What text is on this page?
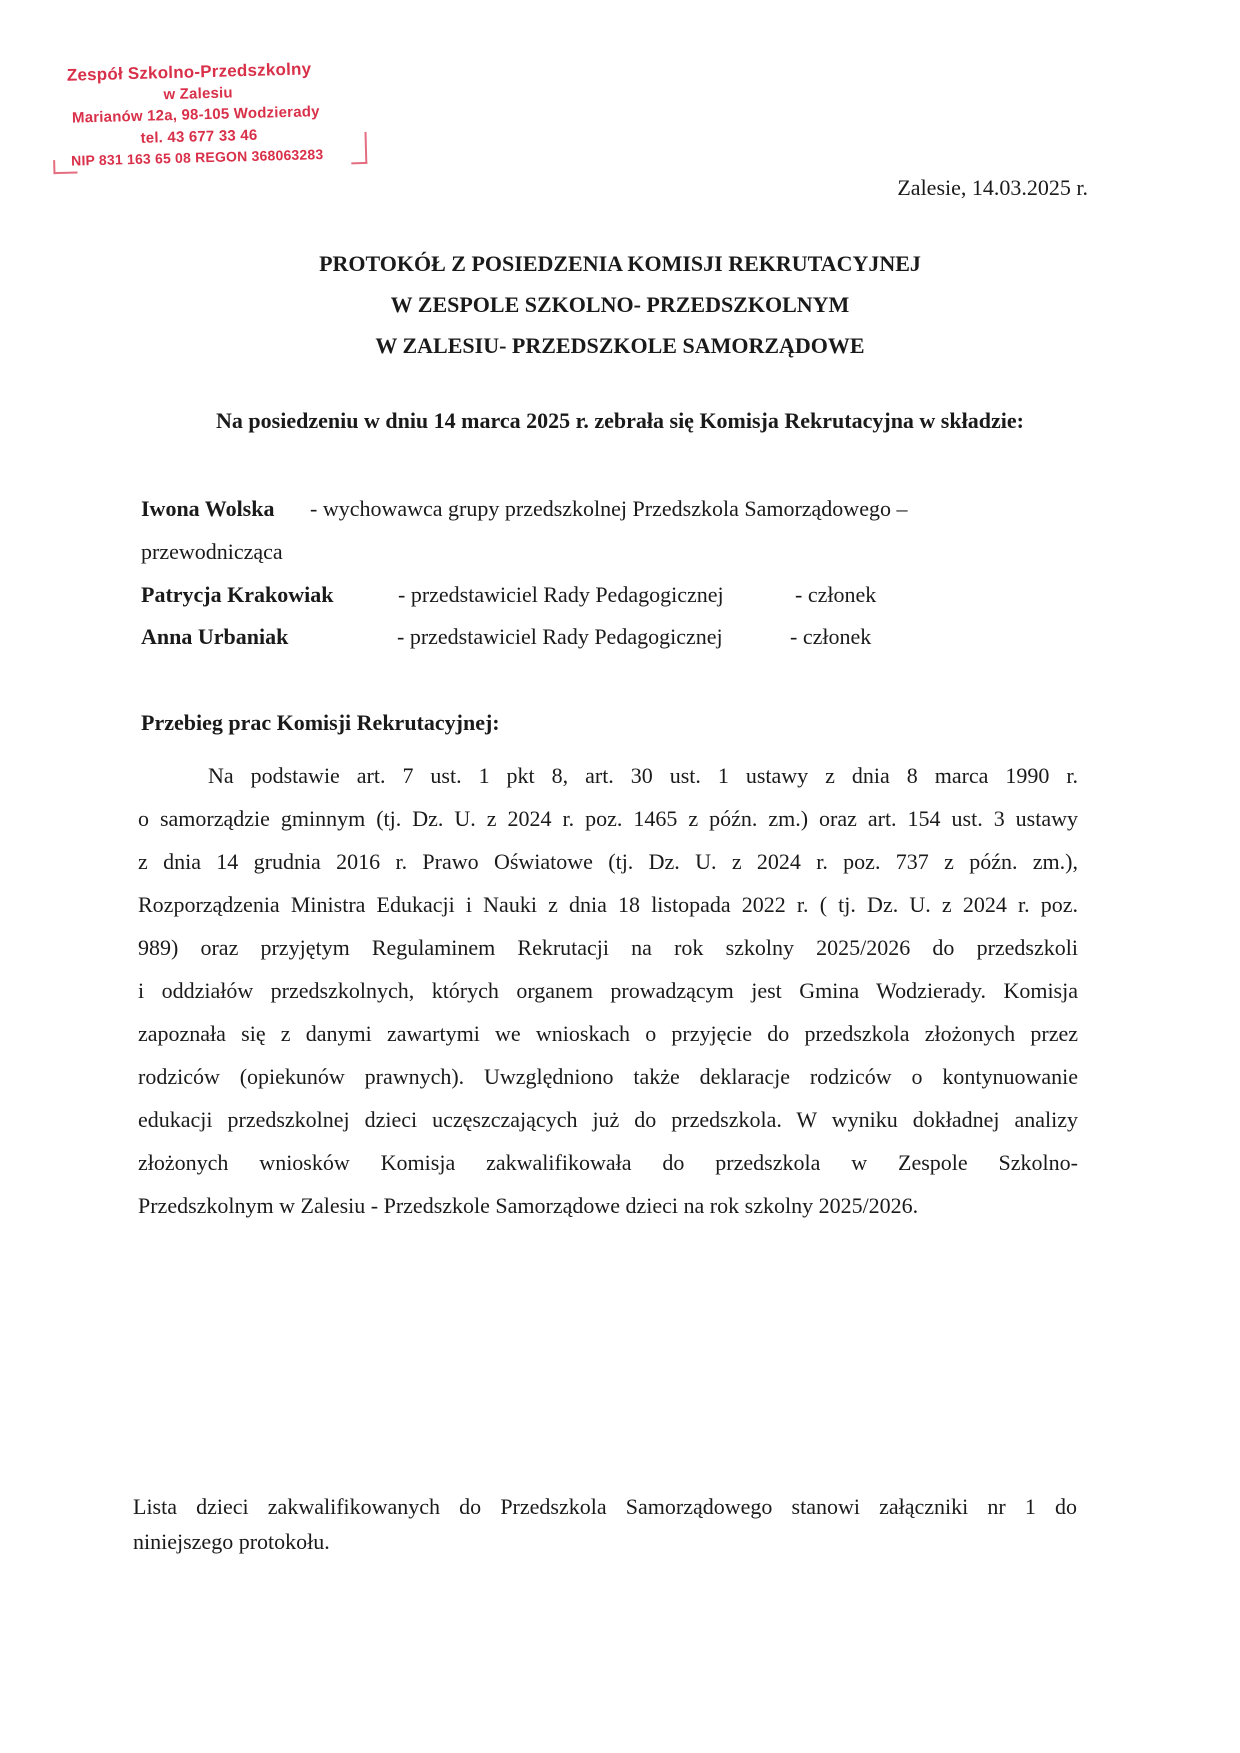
Zespół Szkolno-Przedszkolny
w Zalesiu
Marianów 12a, 98-105 Wodzierady
tel. 43 677 33 46
NIP 831 163 65 08 REGON 368063283
Zalesie, 14.03.2025 r.
PROTOKÓŁ Z POSIEDZENIA KOMISJI REKRUTACYJNEJ
W ZESPOLE SZKOLNO- PRZEDSZKOLNYM
W ZALESIU- PRZEDSZKOLE SAMORZĄDOWE
Na posiedzeniu w dniu 14 marca 2025 r. zebrała się Komisja Rekrutacyjna w składzie:
Iwona Wolska - wychowawca grupy przedszkolnej Przedszkola Samorządowego –
przewodnicząca
Patrycja Krakowiak	- przedstawiciel Rady Pedagogicznej	- członek
Anna Urbaniak	- przedstawiciel Rady Pedagogicznej	- członek
Przebieg prac Komisji Rekrutacyjnej:
Na podstawie art. 7 ust. 1 pkt 8, art. 30 ust. 1 ustawy z dnia 8 marca 1990 r.
o samorządzie gminnym (tj. Dz. U. z 2024 r. poz. 1465 z późn. zm.) oraz art. 154 ust. 3 ustawy
z dnia 14 grudnia 2016 r. Prawo Oświatowe (tj. Dz. U. z 2024 r. poz. 737 z późn. zm.),
Rozporządzenia Ministra Edukacji i Nauki z dnia 18 listopada 2022 r. ( tj. Dz. U. z 2024 r. poz.
989) oraz przyjętym Regulaminem Rekrutacji na rok szkolny 2025/2026 do przedszkoli
i oddziałów przedszkolnych, których organem prowadzącym jest Gmina Wodzierady. Komisja
zapoznała się z danymi zawartymi we wnioskach o przyjęcie do przedszkola złożonych przez
rodziców (opiekunów prawnych). Uwzględniono także deklaracje rodziców o kontynuowanie
edukacji przedszkolnej dzieci uczęszczających już do przedszkola. W wyniku dokładnej analizy
złożonych wniosków Komisja zakwalifikowała do przedszkola w Zespole Szkolno-
Przedszkolnym w Zalesiu - Przedszkole Samorządowe dzieci na rok szkolny 2025/2026.
Lista dzieci zakwalifikowanych do Przedszkola Samorządowego stanowi załączniki nr 1 do
niniejszego protokołu.
